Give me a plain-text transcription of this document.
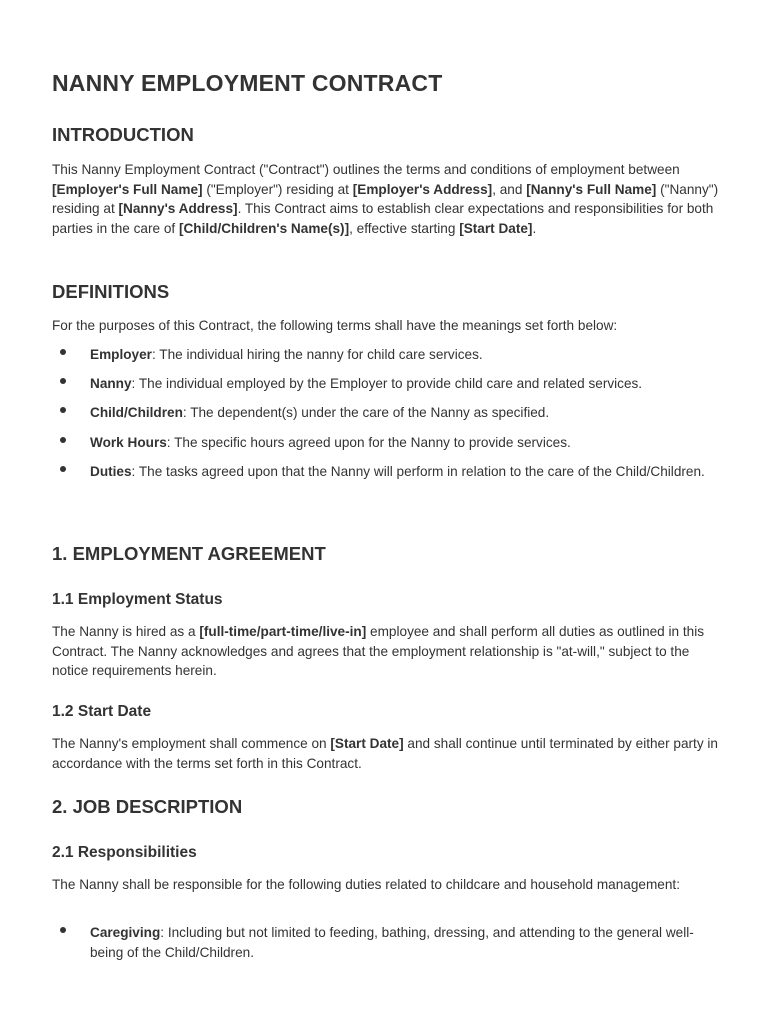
NANNY EMPLOYMENT CONTRACT
INTRODUCTION

This Nanny Employment Contract ("Contract") outlines the terms and conditions of employment between [Employer's Full Name] ("Employer") residing at [Employer's Address], and [Nanny's Full Name] ("Nanny") residing at [Nanny's Address]. This Contract aims to establish clear expectations and responsibilities for both parties in the care of [Child/Children's Name(s)], effective starting [Start Date].

DEFINITIONS

For the purposes of this Contract, the following terms shall have the meanings set forth below:

Employer: The individual hiring the nanny for child care services.
Nanny: The individual employed by the Employer to provide child care and related services.
Child/Children: The dependent(s) under the care of the Nanny as specified.
Work Hours: The specific hours agreed upon for the Nanny to provide services.
Duties: The tasks agreed upon that the Nanny will perform in relation to the care of the Child/Children.
1. EMPLOYMENT AGREEMENT
1.1 Employment Status

The Nanny is hired as a [full-time/part-time/live-in] employee and shall perform all duties as outlined in this Contract. The Nanny acknowledges and agrees that the employment relationship is "at-will," subject to the notice requirements herein.

1.2 Start Date

The Nanny's employment shall commence on [Start Date] and shall continue until terminated by either party in accordance with the terms set forth in this Contract.

2. JOB DESCRIPTION
2.1 Responsibilities

The Nanny shall be responsible for the following duties related to childcare and household management:

Caregiving: Including but not limited to feeding, bathing, dressing, and attending to the general well-being of the Child/Children.
